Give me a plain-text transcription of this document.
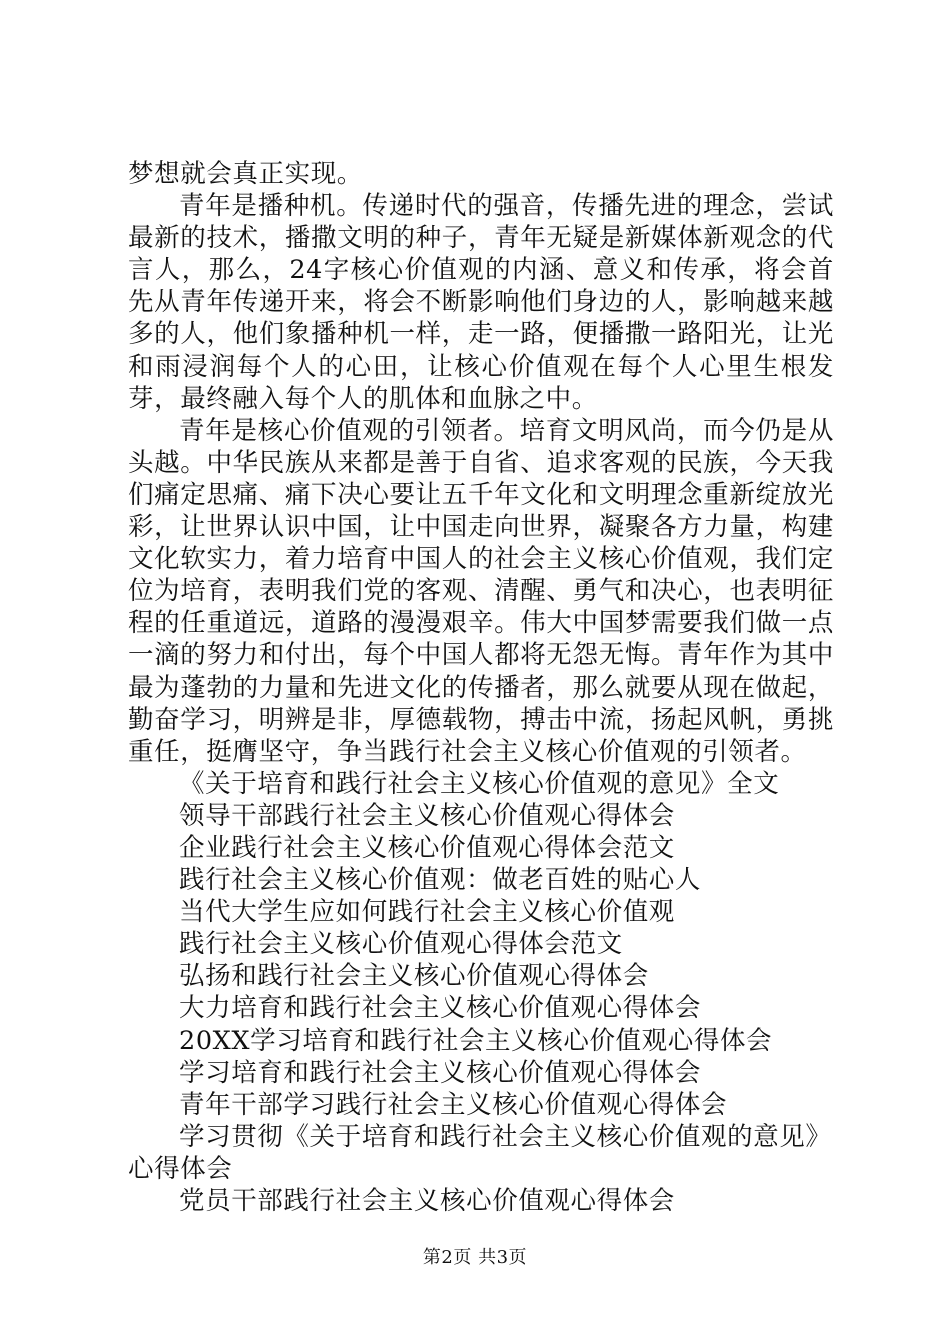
梦想就会真正实现。

青年是播种机。传递时代的强音，传播先进的理念，尝试最新的技术，播撒文明的种子，青年无疑是新媒体新观念的代言人，那么，24字核心价值观的内涵、意义和传承，将会首先从青年传递开来，将会不断影响他们身边的人，影响越来越多的人，他们象播种机一样，走一路，便播撒一路阳光，让光和雨浸润每个人的心田，让核心价值观在每个人心里生根发芽，最终融入每个人的肌体和血脉之中。

青年是核心价值观的引领者。培育文明风尚，而今仍是从头越。中华民族从来都是善于自省、追求客观的民族，今天我们痛定思痛、痛下决心要让五千年文化和文明理念重新绽放光彩，让世界认识中国，让中国走向世界，凝聚各方力量，构建文化软实力，着力培育中国人的社会主义核心价值观，我们定位为培育，表明我们党的客观、清醒、勇气和决心，也表明征程的任重道远，道路的漫漫艰辛。伟大中国梦需要我们做一点一滴的努力和付出，每个中国人都将无怨无悔。青年作为其中最为蓬勃的力量和先进文化的传播者，那么就要从现在做起，勤奋学习，明辨是非，厚德载物，搏击中流，扬起风帆，勇挑重任，挺膺坚守，争当践行社会主义核心价值观的引领者。

《关于培育和践行社会主义核心价值观的意见》全文
领导干部践行社会主义核心价值观心得体会
企业践行社会主义核心价值观心得体会范文
践行社会主义核心价值观：做老百姓的贴心人
当代大学生应如何践行社会主义核心价值观
践行社会主义核心价值观心得体会范文
弘扬和践行社会主义核心价值观心得体会
大力培育和践行社会主义核心价值观心得体会
20XX学习培育和践行社会主义核心价值观心得体会
学习培育和践行社会主义核心价值观心得体会
青年干部学习践行社会主义核心价值观心得体会
学习贯彻《关于培育和践行社会主义核心价值观的意见》
心得体会
党员干部践行社会主义核心价值观心得体会
第2页 共3页
